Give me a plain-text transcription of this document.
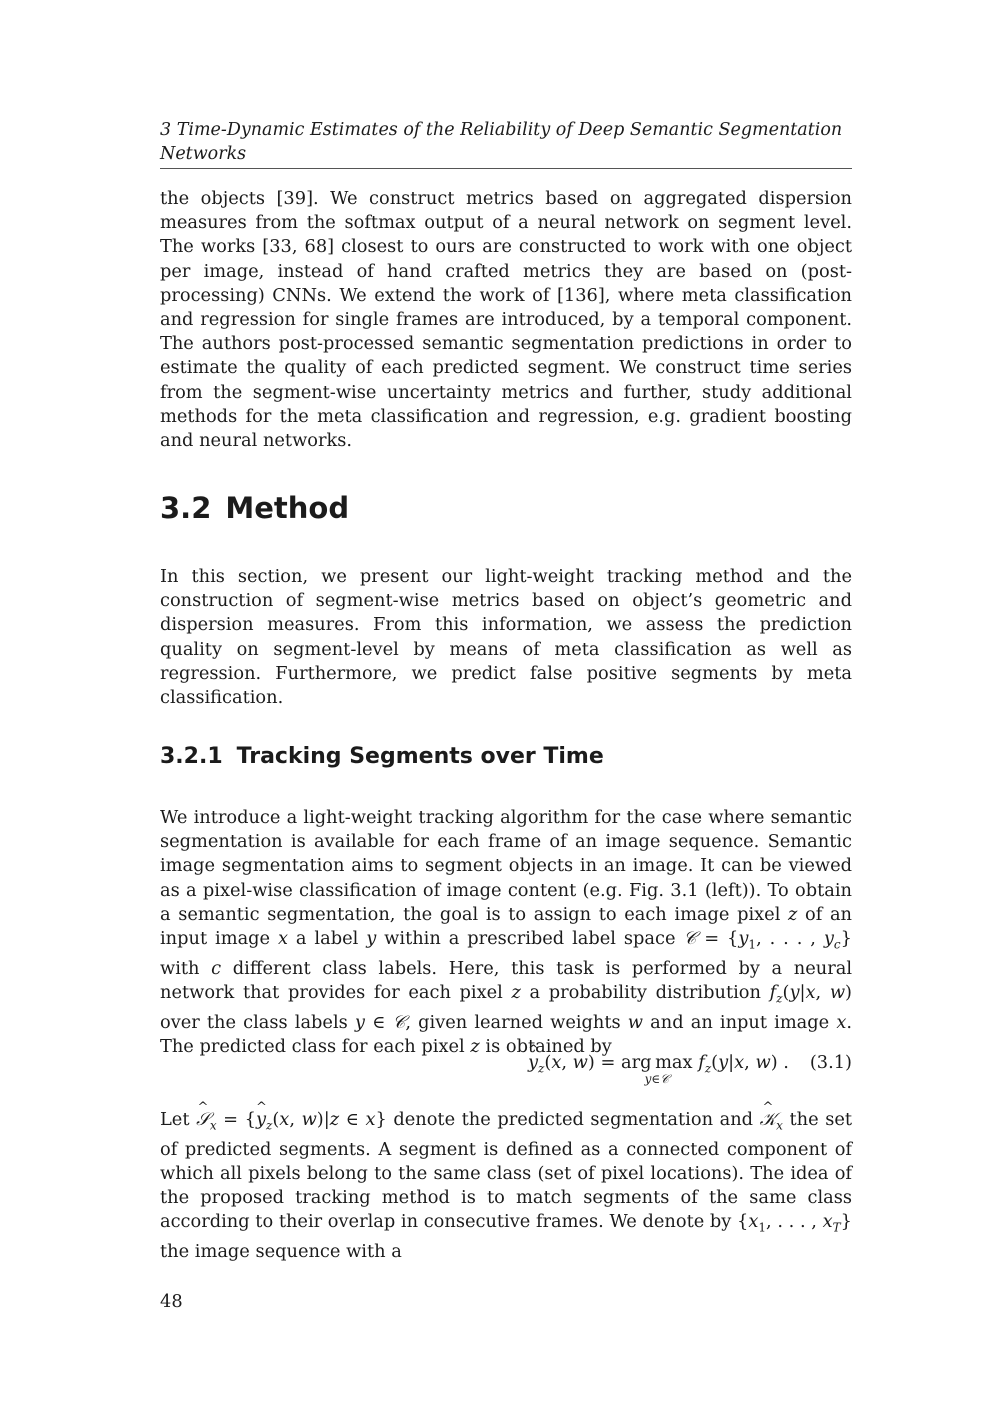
3 Time-Dynamic Estimates of the Reliability of Deep Semantic Segmentation Networks

the objects [39]. We construct metrics based on aggregated dispersion measures from the softmax output of a neural network on segment level. The works [33, 68] closest to ours are constructed to work with one object per image, instead of hand crafted metrics they are based on (post-processing) CNNs. We extend the work of [136], where meta classification and regression for single frames are introduced, by a temporal component. The authors post-processed semantic segmentation predictions in order to estimate the quality of each predicted segment. We construct time series from the segment-wise uncertainty metrics and further, study additional methods for the meta classification and regression, e.g. gradient boosting and neural networks.

3.2 Method

In this section, we present our light-weight tracking method and the construction of segment-wise metrics based on object’s geometric and dispersion measures. From this information, we assess the prediction quality on segment-level by means of meta classification as well as regression. Furthermore, we predict false positive segments by meta classification.

3.2.1 Tracking Segments over Time

We introduce a light-weight tracking algorithm for the case where semantic segmentation is available for each frame of an image sequence. Semantic image segmentation aims to segment objects in an image. It can be viewed as a pixel-wise classification of image content (e.g. Fig. 3.1 (left)). To obtain a semantic segmentation, the goal is to assign to each image pixel z of an input image x a label y within a prescribed label space 𝒞 = {$y_1$, . . . , $y_c$} with c different class labels. Here, this task is performed by a neural network that provides for each pixel z a probability distribution $f_z(y|x$, w) over the class labels y ∈ 𝒞, given learned weights w and an input image x. The predicted class for each pixel z is obtained by

^ $y_z(x$, w) = arg max
y∈𝒞
$f_z(y|x$, w) . (3.1)

Let ^ 𝒮$_x$ = {^ $y_z(x$, w)|z ∈ x} denote the predicted segmentation and ^ 𝒦$_x$ the set of predicted segments. A segment is defined as a connected component of which all pixels belong to the same class (set of pixel locations). The idea of the proposed tracking method is to match segments of the same class according to their overlap in consecutive frames. We denote by {$x_1$, . . . , $x_T$} the image sequence with a

48
